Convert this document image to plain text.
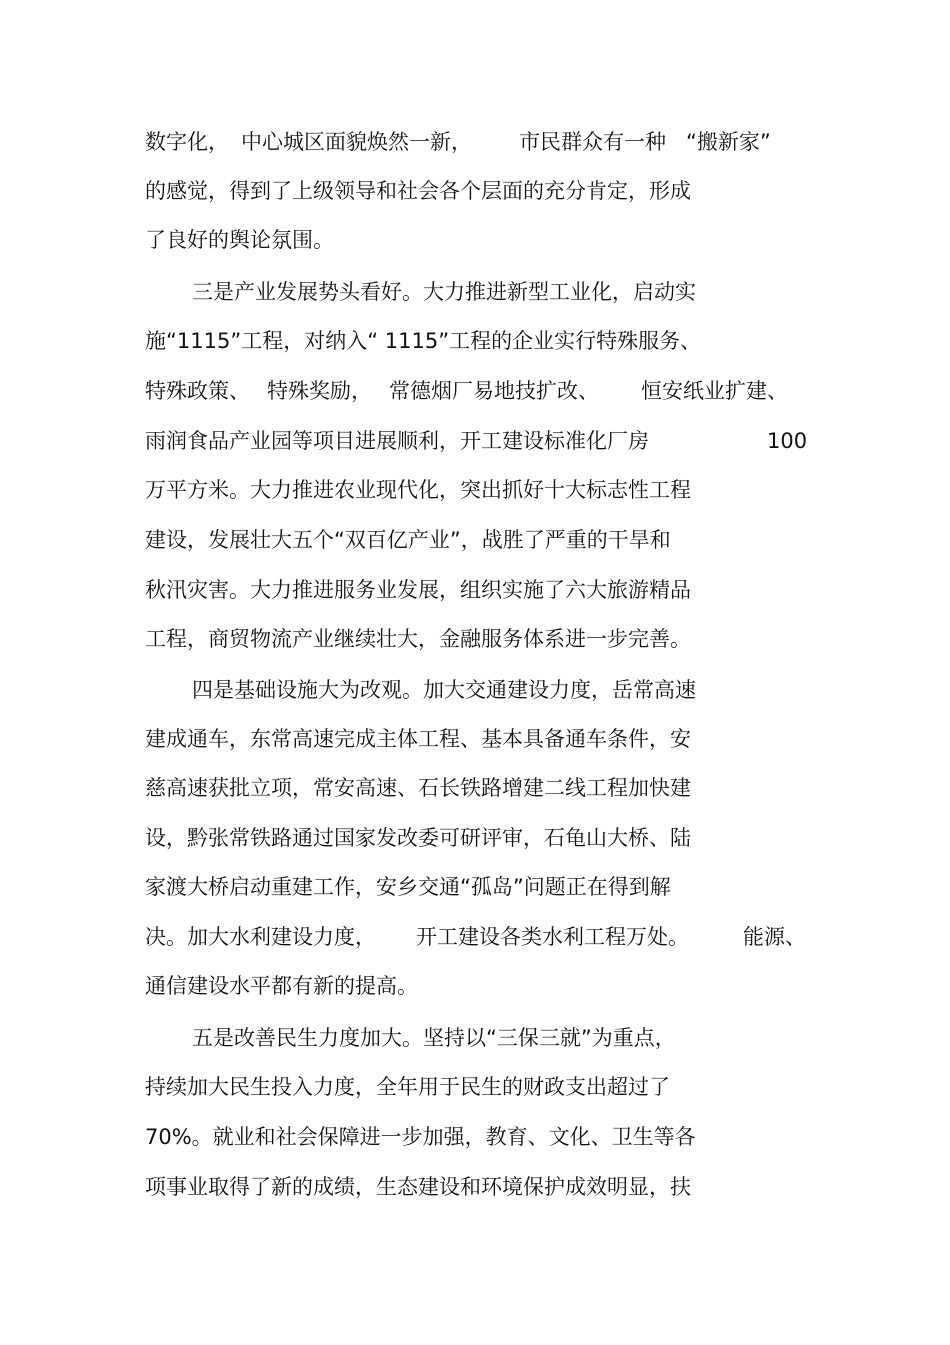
数字化， 中心城区面貌焕然一新， 市民群众有一种 “搬新家”
的感觉，得到了上级领导和社会各个层面的充分肯定，形成
了良好的舆论氛围。
三是产业发展势头看好。大力推进新型工业化，启动实
施“1115”工程，对纳入“ 1115”工程的企业实行特殊服务、
特殊政策、 特殊奖励， 常德烟厂易地技扩改、 恒安纸业扩建、
雨润食品产业园等项目进展顺利，开工建设标准化厂房	100
万平方米。大力推进农业现代化，突出抓好十大标志性工程
建设，发展壮大五个“双百亿产业”，战胜了严重的干旱和
秋汛灾害。大力推进服务业发展，组织实施了六大旅游精品
工程，商贸物流产业继续壮大，金融服务体系进一步完善。
四是基础设施大为改观。加大交通建设力度，岳常高速
建成通车，东常高速完成主体工程、基本具备通车条件，安
慈高速获批立项，常安高速、石长铁路增建二线工程加快建
设，黔张常铁路通过国家发改委可研评审，石龟山大桥、陆
家渡大桥启动重建工作，安乡交通“孤岛”问题正在得到解
决。加大水利建设力度， 开工建设各类水利工程万处。	能源、
通信建设水平都有新的提高。
五是改善民生力度加大。坚持以“三保三就”为重点，
持续加大民生投入力度，全年用于民生的财政支出超过了
70%。就业和社会保障进一步加强，教育、文化、卫生等各
项事业取得了新的成绩，生态建设和环境保护成效明显，扶
